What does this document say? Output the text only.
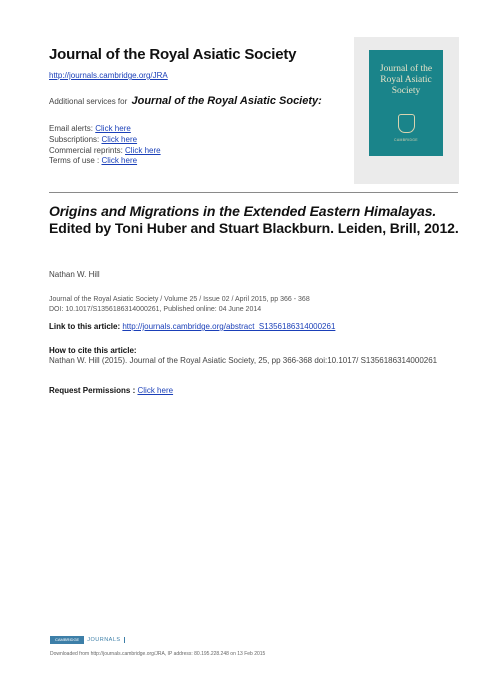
Journal of the Royal Asiatic Society
http://journals.cambridge.org/JRA
Additional services for Journal of the Royal Asiatic Society:
Email alerts: Click here
Subscriptions: Click here
Commercial reprints: Click here
Terms of use : Click here
Journal of the
Royal Asiatic
Society
CAMBRIDGE
Origins and Migrations in the Extended Eastern Himalayas. Edited by Toni Huber and Stuart Blackburn. Leiden, Brill, 2012.
Nathan W. Hill
Journal of the Royal Asiatic Society / Volume 25 / Issue 02 / April 2015, pp 366 - 368
DOI: 10.1017/S1356186314000261, Published online: 04 June 2014
Link to this article: http://journals.cambridge.org/abstract_S1356186314000261
How to cite this article:
Nathan W. Hill (2015). Journal of the Royal Asiatic Society, 25, pp 366-368 doi:10.1017/ S1356186314000261
Request Permissions : Click here
CAMBRIDGE	JOURNALS
Downloaded from http://journals.cambridge.org/JRA, IP address: 80.195.228.248 on 13 Feb 2015
